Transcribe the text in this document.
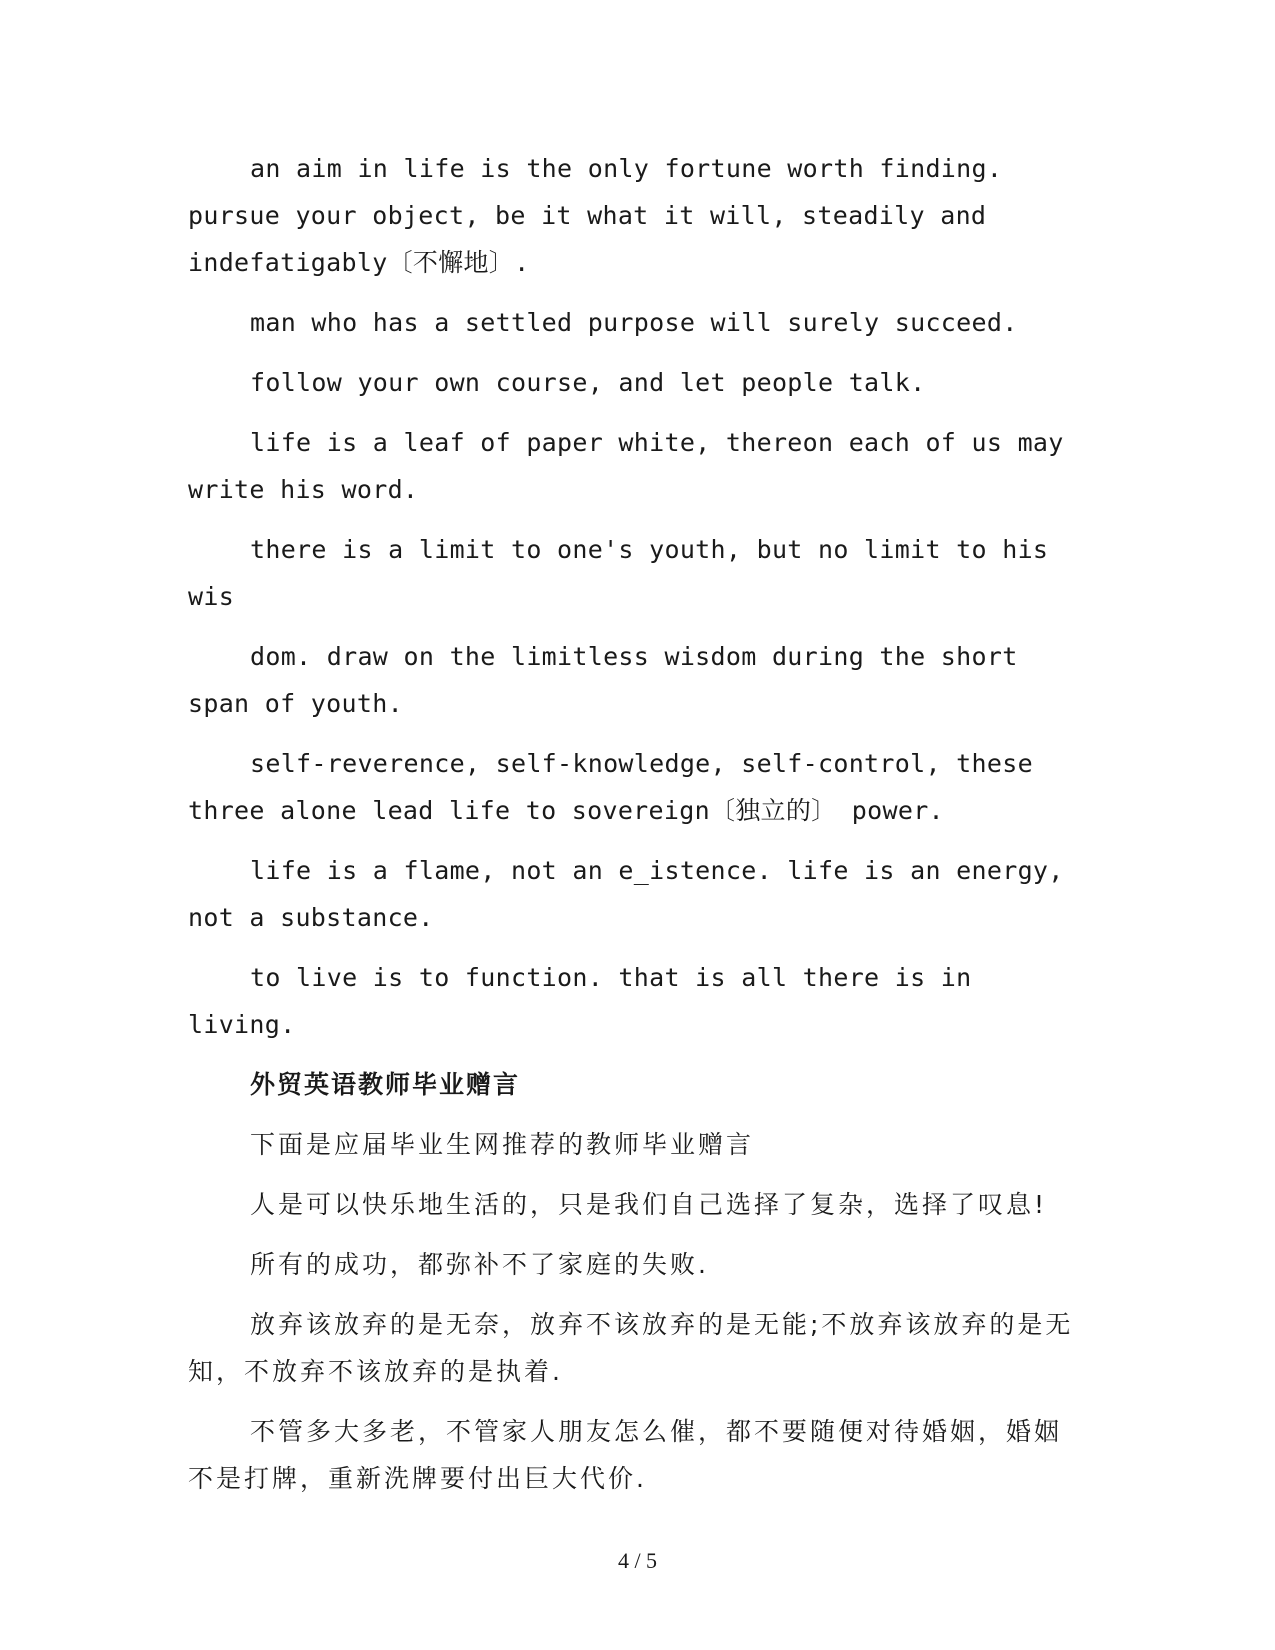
an aim in life is the only fortune worth finding. pursue your object, be it what it will, steadily and indefatigably〔不懈地〕.

man who has a settled purpose will surely succeed.

follow your own course, and let people talk.

life is a leaf of paper white, thereon each of us may write his word.

there is a limit to one's youth, but no limit to his wis

dom. draw on the limitless wisdom during the short span of youth.

self-reverence, self-knowledge, self-control, these three alone lead life to sovereign〔独立的〕 power.

life is a flame, not an e_istence. life is an energy, not a substance.

to live is to function. that is all there is in living.

外贸英语教师毕业赠言

下面是应届毕业生网推荐的教师毕业赠言

人是可以快乐地生活的，只是我们自己选择了复杂，选择了叹息!

所有的成功，都弥补不了家庭的失败.

放弃该放弃的是无奈，放弃不该放弃的是无能;不放弃该放弃的是无知，不放弃不该放弃的是执着.

不管多大多老，不管家人朋友怎么催，都不要随便对待婚姻，婚姻不是打牌，重新洗牌要付出巨大代价.

4 / 5
